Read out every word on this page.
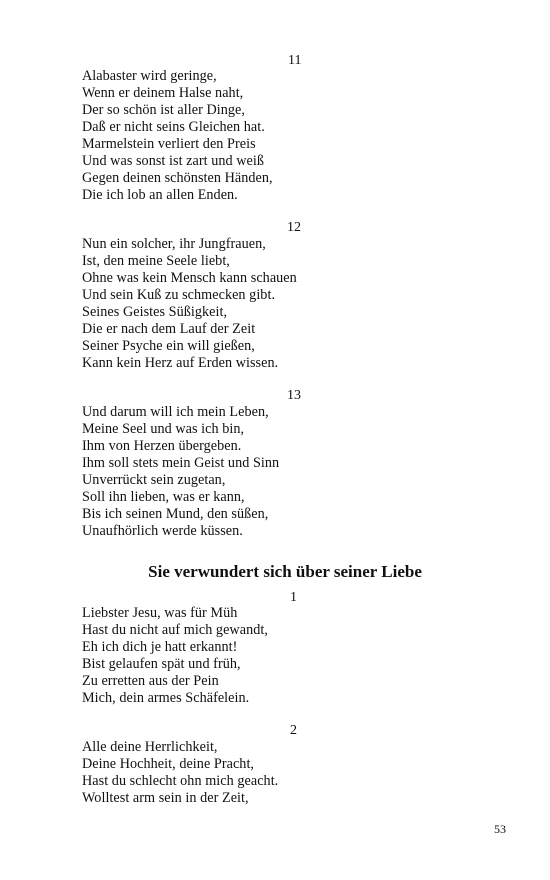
11
Alabaster wird geringe,
Wenn er deinem Halse naht,
Der so schön ist aller Dinge,
Daß er nicht seins Gleichen hat.
Marmelstein verliert den Preis
Und was sonst ist zart und weiß
Gegen deinen schönsten Händen,
Die ich lob an allen Enden.
12
Nun ein solcher, ihr Jungfrauen,
Ist, den meine Seele liebt,
Ohne was kein Mensch kann schauen
Und sein Kuß zu schmecken gibt.
Seines Geistes Süßigkeit,
Die er nach dem Lauf der Zeit
Seiner Psyche ein will gießen,
Kann kein Herz auf Erden wissen.
13
Und darum will ich mein Leben,
Meine Seel und was ich bin,
Ihm von Herzen übergeben.
Ihm soll stets mein Geist und Sinn
Unverrückt sein zugetan,
Soll ihn lieben, was er kann,
Bis ich seinen Mund, den süßen,
Unaufhörlich werde küssen.
Sie verwundert sich über seiner Liebe
1
Liebster Jesu, was für Müh
Hast du nicht auf mich gewandt,
Eh ich dich je hatt erkannt!
Bist gelaufen spät und früh,
Zu erretten aus der Pein
Mich, dein armes Schäfelein.
2
Alle deine Herrlichkeit,
Deine Hochheit, deine Pracht,
Hast du schlecht ohn mich geacht.
Wolltest arm sein in der Zeit,
53
